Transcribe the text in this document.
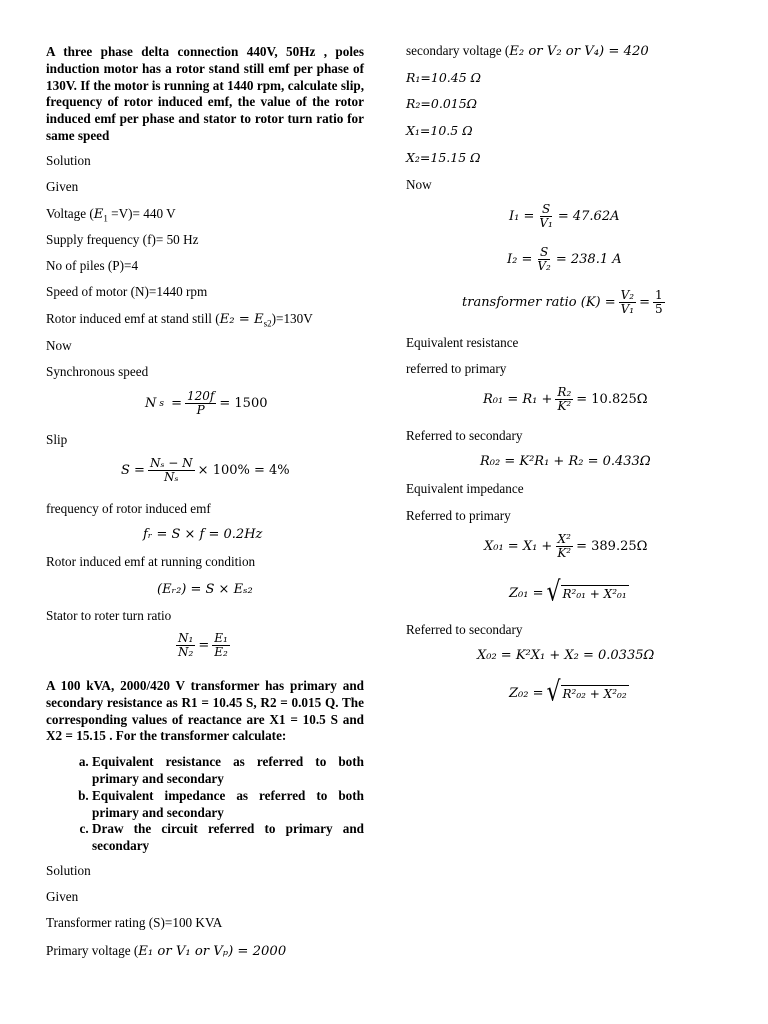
A three phase delta connection 440V, 50Hz , poles induction motor has a rotor stand still emf per phase of 130V. If the motor is running at 1440 rpm, calculate slip, frequency of rotor induced emf, the value of the rotor induced emf per phase and stator to rotor turn ratio for same speed

Solution
Given
Voltage $(E_1 =V)= 440$ V
Supply frequency (f)= 50 Hz
No of piles (P)=4
Speed of motor (N)=1440 rpm
Rotor induced emf at stand still $(E_2 = E_{s2})=130V$
Now
Synchronous speed
N $s = \frac{120f}{P} = 1500$
Slip
$S = \frac{\text{Nₛ − N}}{\text{Nₛ}} \times 100\% = 4\%$
frequency of rotor induced emf
fᵣ = S × f = 0.2Hz
Rotor induced emf at running condition
(Eᵣ₂) = S × Eₛ₂
Stator to roter turn ratio
$\frac{\text{N₁}}{\text{N₂}} = \frac{\text{E₁}}{\text{E₂}}$

A 100 kVA, 2000/420 V transformer has primary and secondary resistance as R1 = 10.45 S, R2 = 0.015 Q. The corresponding values of reactance are X1 = 10.5 S and X2 = 15.15 . For the transformer calculate:

a. Equivalent resistance as referred to both primary and secondary
b. Equivalent impedance as referred to both primary and secondary
c. Draw the circuit referred to primary and secondary
Solution
Given
Transformer rating (S)=100 KVA
Primary voltage (E₁ or V₁ or Vₚ) = 2000
secondary voltage (E₂ or V₂ or V₄) = 420
R₁=10.45 Ω
R₂=0.015Ω
X₁=10.5 Ω
X₂=15.15 Ω
Now
$I_1 = \frac{S}{\text{V₁}} = 47.62A$
$I_2 = \frac{S}{\text{V₂}} = 238.1$ A
transformer ratio $(K) = \frac{\text{V₂}}{\text{V₁}} = \frac{1}{5}$
Equivalent resistance
referred to primary
$R_{01} = R_1 + \frac{\text{R₂}}{\text{K²}} = 10.825\Omega$
Referred to secondary
R₀₂ = K²R₁ + R₂ = 0.433Ω
Equivalent impedance
Referred to primary
$X_{01} = X_1 + \frac{\text{X²}}{\text{K²}} = 389.25\Omega$
Z₀₁ = √ R²₀₁ + X²₀₁
Referred to secondary
X₀₂ = K²X₁ + X₂ = 0.0335Ω
Z₀₂ = √ R²₀₂ + X²₀₂
